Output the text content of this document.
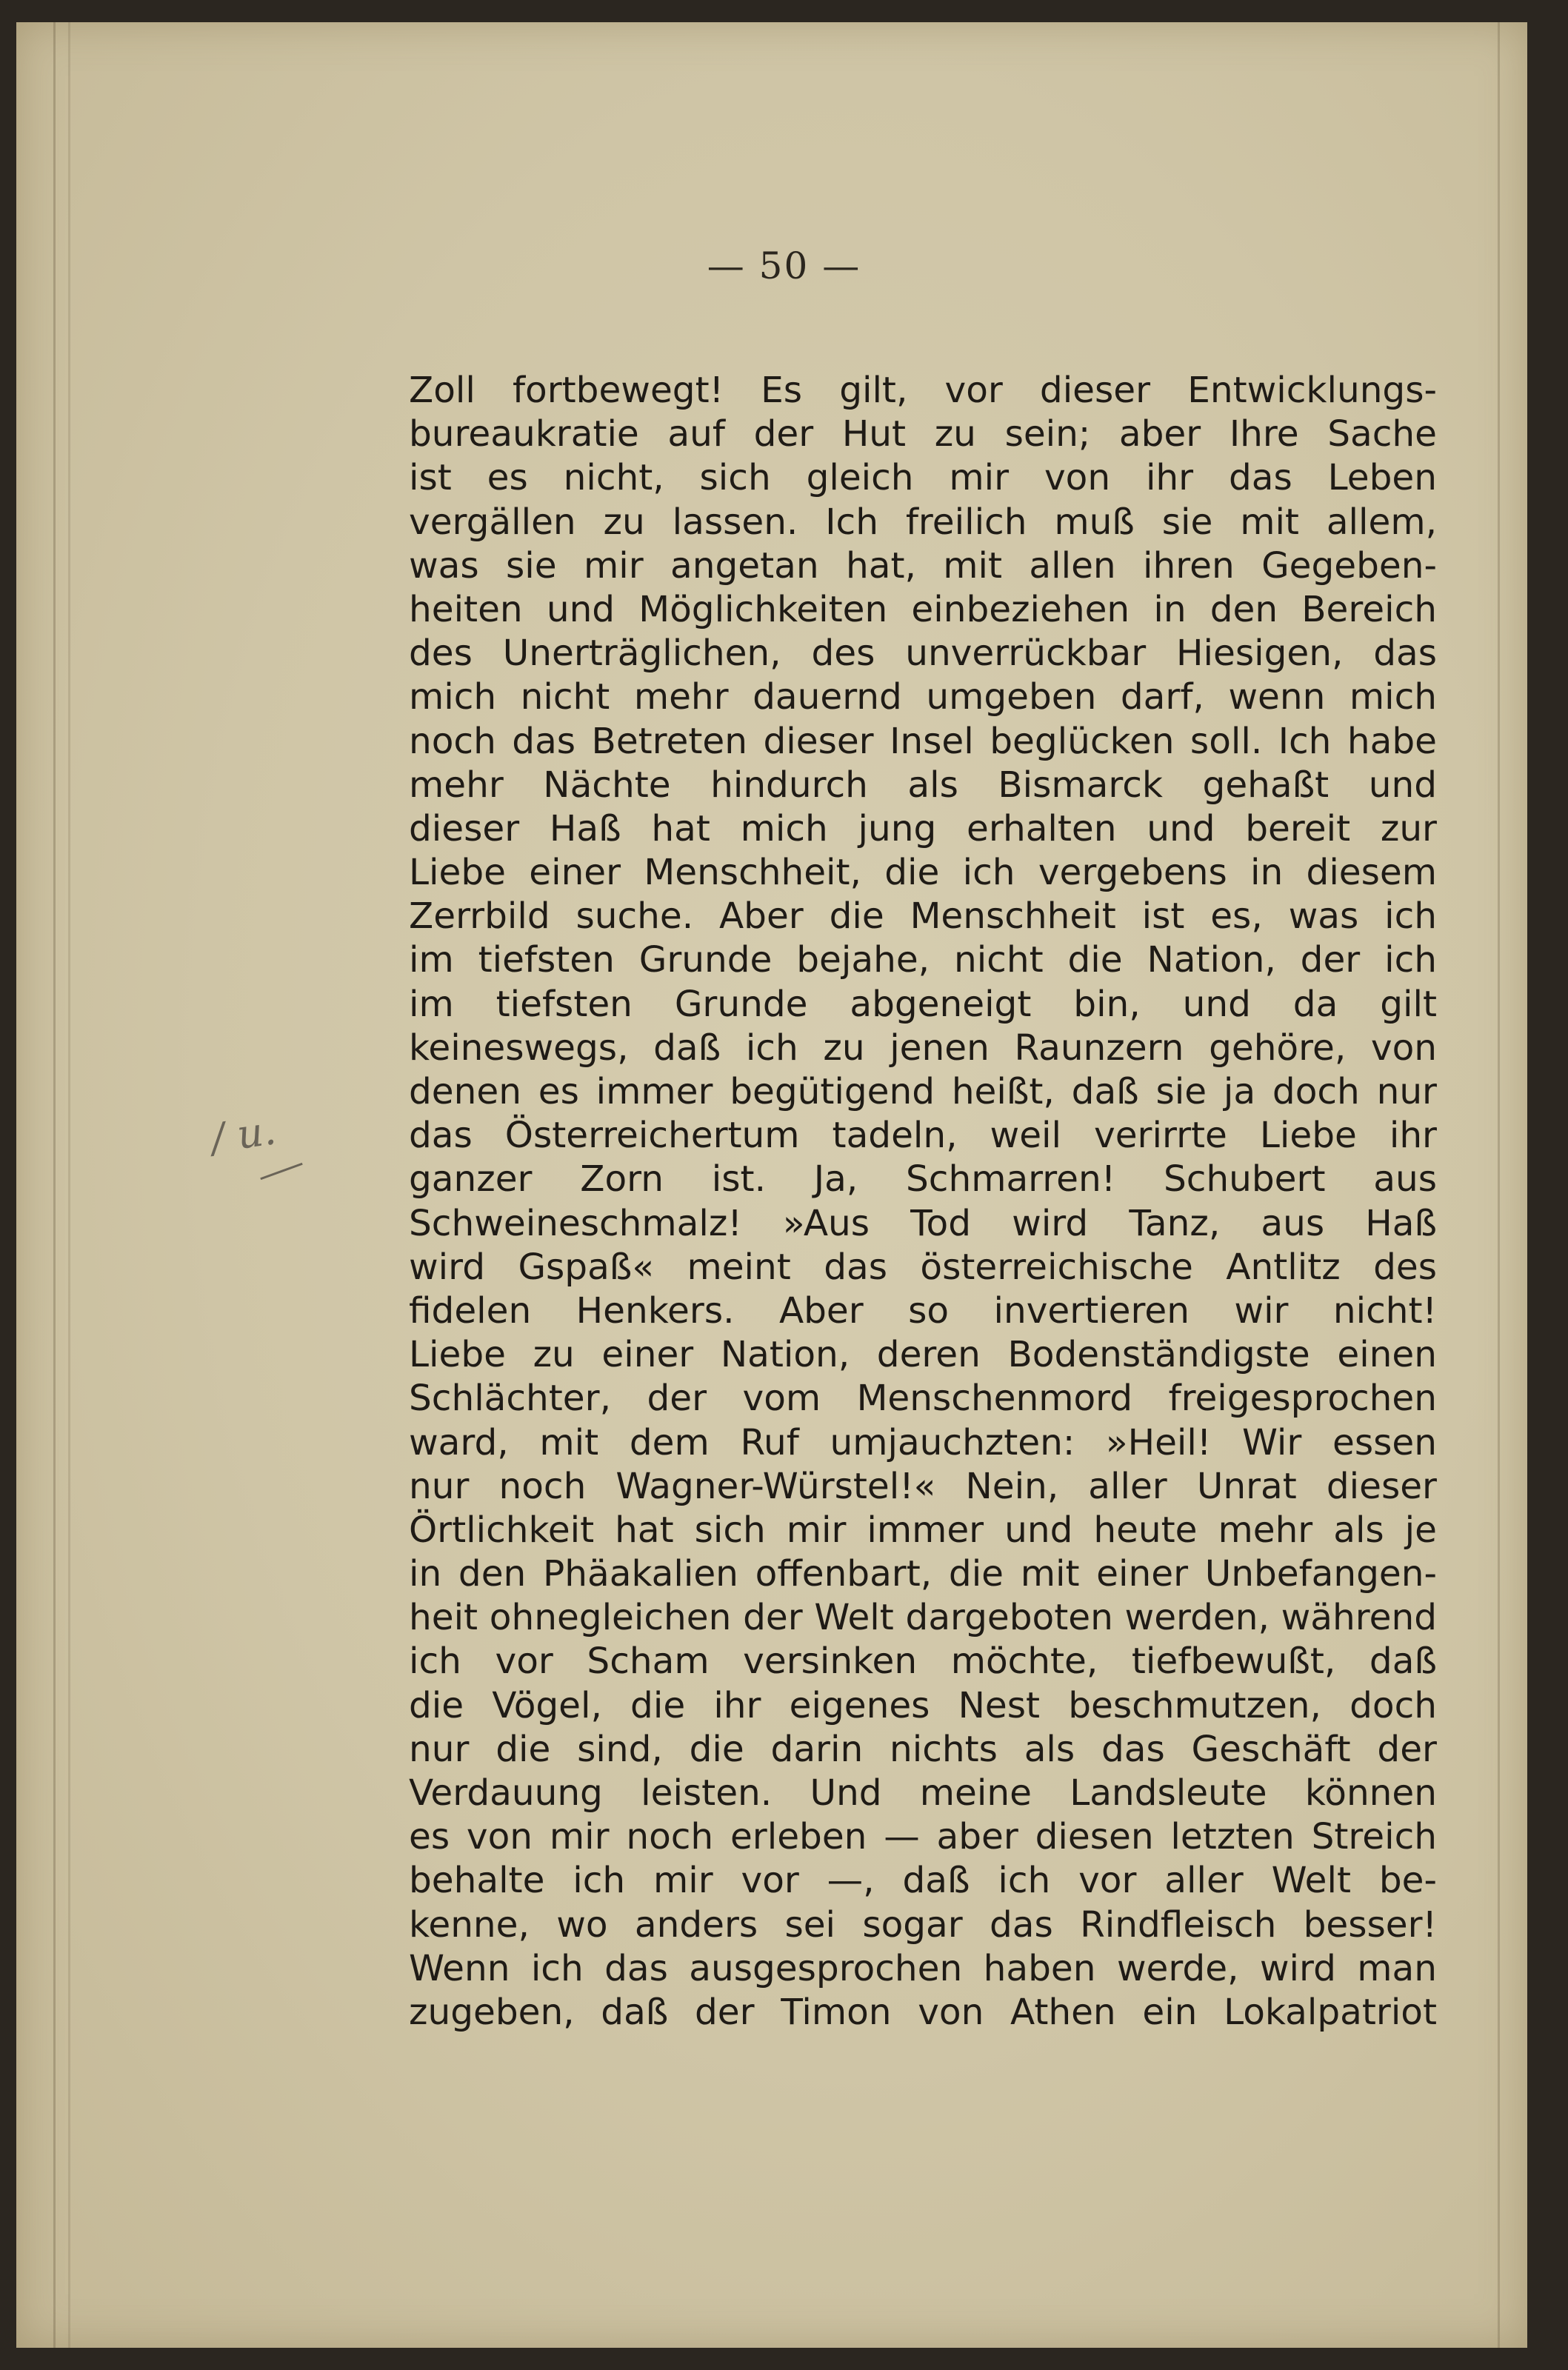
— 50 —
/ u.
Zoll fortbewegt! Es gilt, vor dieser Entwicklungs-
bureaukratie auf der Hut zu sein; aber Ihre Sache
ist es nicht, sich gleich mir von ihr das Leben
vergällen zu lassen. Ich freilich muß sie mit allem,
was sie mir angetan hat, mit allen ihren Gegeben-
heiten und Möglichkeiten einbeziehen in den Bereich
des Unerträglichen, des unverrückbar Hiesigen, das
mich nicht mehr dauernd umgeben darf, wenn mich
noch das Betreten dieser Insel beglücken soll. Ich habe
mehr Nächte hindurch als Bismarck gehaßt und
dieser Haß hat mich jung erhalten und bereit zur
Liebe einer Menschheit, die ich vergebens in diesem
Zerrbild suche. Aber die Menschheit ist es, was ich
im tiefsten Grunde bejahe, nicht die Nation, der ich
im tiefsten Grunde abgeneigt bin, und da gilt
keineswegs, daß ich zu jenen Raunzern gehöre, von
denen es immer begütigend heißt, daß sie ja doch nur
das Österreichertum tadeln, weil verirrte Liebe ihr
ganzer Zorn ist. Ja, Schmarren! Schubert aus
Schweineschmalz! »Aus Tod wird Tanz, aus Haß
wird Gspaß« meint das österreichische Antlitz des
fidelen Henkers. Aber so invertieren wir nicht!
Liebe zu einer Nation, deren Bodenständigste einen
Schlächter, der vom Menschenmord freigesprochen
ward, mit dem Ruf umjauchzten: »Heil! Wir essen
nur noch Wagner-Würstel!« Nein, aller Unrat dieser
Örtlichkeit hat sich mir immer und heute mehr als je
in den Phäakalien offenbart, die mit einer Unbefangen-
heit ohnegleichen der Welt dargeboten werden, während
ich vor Scham versinken möchte, tiefbewußt, daß
die Vögel, die ihr eigenes Nest beschmutzen, doch
nur die sind, die darin nichts als das Geschäft der
Verdauung leisten. Und meine Landsleute können
es von mir noch erleben — aber diesen letzten Streich
behalte ich mir vor —, daß ich vor aller Welt be-
kenne, wo anders sei sogar das Rindfleisch besser!
Wenn ich das ausgesprochen haben werde, wird man
zugeben, daß der Timon von Athen ein Lokalpatriot
